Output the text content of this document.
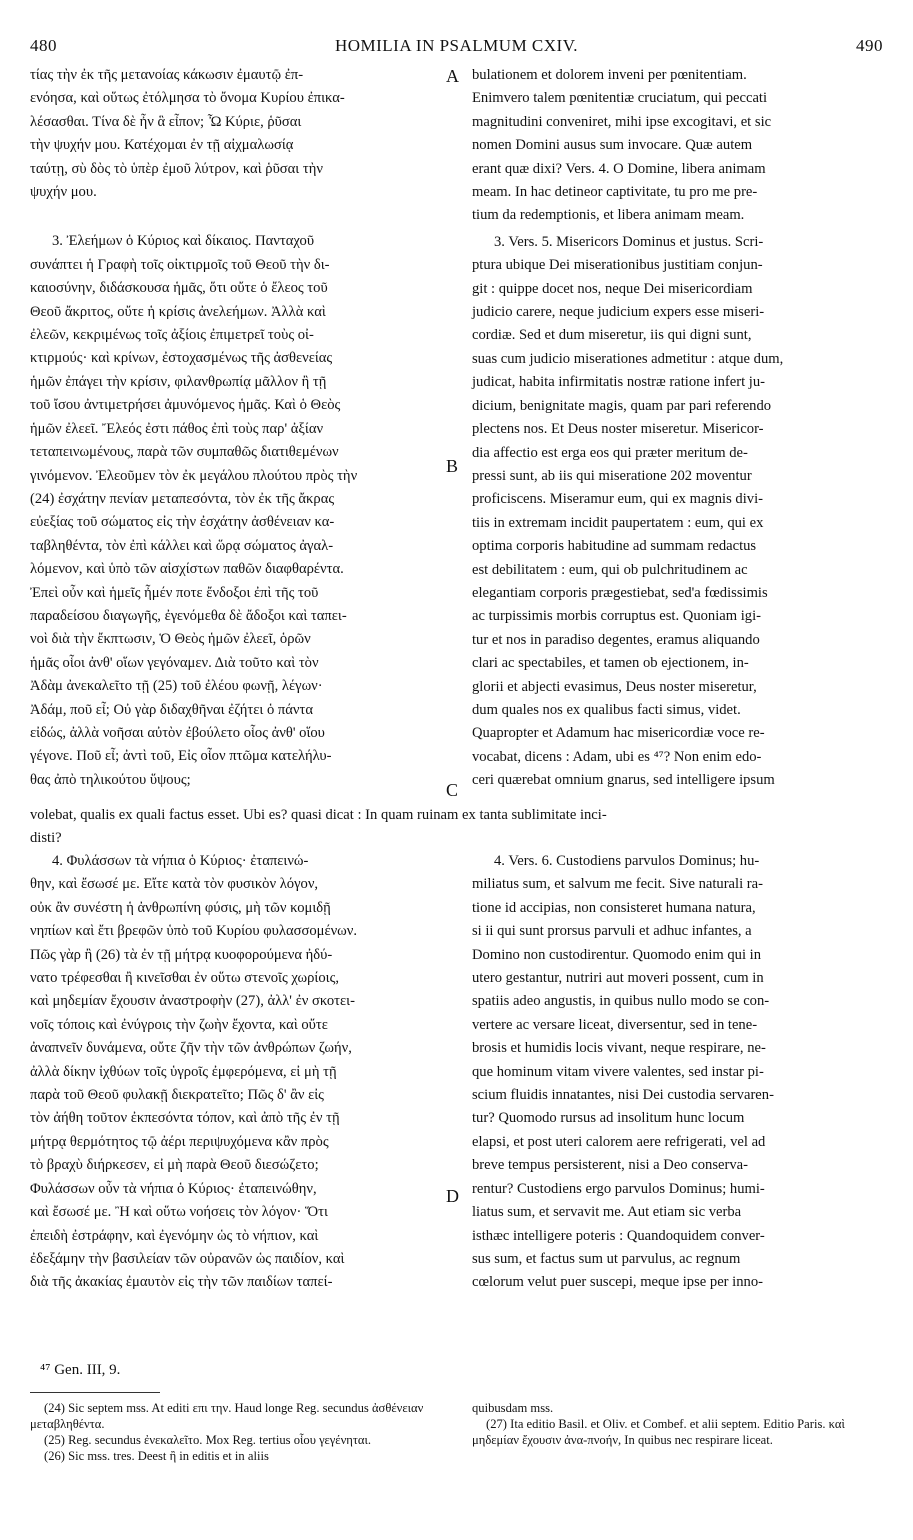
480	HOMILIA IN PSALMUM CXIV.	490

τίας τὴν ἐκ τῆς μετανοίας κάκωσιν ἐμαυτῷ ἐπ-

ενόησα, καὶ οὕτως ἐτόλμησα τὸ ὄνομα Κυρίου ἐπικα-

λέσασθαι. Τίνα δὲ ἦν ἃ εἶπον; Ὦ Κύριε, ῥῦσαι

τὴν ψυχήν μου. Κατέχομαι ἐν τῇ αἰχμαλωσίᾳ

ταύτῃ, σὺ δὸς τὸ ὑπὲρ ἐμοῦ λύτρον, καὶ ῥῦσαι τὴν

ψυχήν μου.

3. Ἐλεήμων ὁ Κύριος καὶ δίκαιος. Πανταχοῦ

συνάπτει ἡ Γραφὴ τοῖς οἰκτιρμοῖς τοῦ Θεοῦ τὴν δι-

καιοσύνην, διδάσκουσα ἡμᾶς, ὅτι οὔτε ὁ ἔλεος τοῦ

Θεοῦ ἄκριτος, οὔτε ἡ κρίσις ἀνελεήμων. Ἀλλὰ καὶ

ἐλεῶν, κεκριμένως τοῖς ἀξίοις ἐπιμετρεῖ τοὺς οἰ-

κτιρμούς· καὶ κρίνων, ἐστοχασμένως τῆς ἀσθενείας

ἡμῶν ἐπάγει τὴν κρίσιν, φιλανθρωπίᾳ μᾶλλον ἢ τῇ

τοῦ ἴσου ἀντιμετρήσει ἀμυνόμενος ἡμᾶς. Καὶ ὁ Θεὸς

ἡμῶν ἐλεεῖ. Ἔλεός ἐστι πάθος ἐπὶ τοὺς παρ' ἀξίαν

τεταπεινωμένους, παρὰ τῶν συμπαθῶς διατιθεμένων

γινόμενον. Ἐλεοῦμεν τὸν ἐκ μεγάλου πλούτου πρὸς τὴν

(24) ἐσχάτην πενίαν μεταπεσόντα, τὸν ἐκ τῆς ἄκρας

εὐεξίας τοῦ σώματος εἰς τὴν ἐσχάτην ἀσθένειαν κα-

ταβληθέντα, τὸν ἐπὶ κάλλει καὶ ὥρᾳ σώματος ἀγαλ-

λόμενον, καὶ ὑπὸ τῶν αἰσχίστων παθῶν διαφθαρέντα.

Ἐπεὶ οὖν καὶ ἡμεῖς ἦμέν ποτε ἔνδοξοι ἐπὶ τῆς τοῦ

παραδείσου διαγωγῆς, ἐγενόμεθα δὲ ἄδοξοι καὶ ταπει-

νοὶ διὰ τὴν ἔκπτωσιν, Ὁ Θεὸς ἡμῶν ἐλεεῖ, ὁρῶν

ἡμᾶς οἷοι ἀνθ' οἵων γεγόναμεν. Διὰ τοῦτο καὶ τὸν

Ἀδὰμ ἀνεκαλεῖτο τῇ (25) τοῦ ἐλέου φωνῇ, λέγων·

Ἀδάμ, ποῦ εἶ; Οὐ γὰρ διδαχθῆναι ἐζήτει ὁ πάντα

εἰδώς, ἀλλὰ νοῆσαι αὐτὸν ἐβούλετο οἷος ἀνθ' οἵου

γέγονε. Ποῦ εἶ; ἀντὶ τοῦ, Εἰς οἷον πτῶμα κατελήλυ-

θας ἀπὸ τηλικούτου ὕψους;

bulationem et dolorem inveni per pœnitentiam.

Enimvero talem pœnitentiæ cruciatum, qui peccati

magnitudini conveniret, mihi ipse excogitavi, et sic

nomen Domini ausus sum invocare. Quæ autem

erant quæ dixi? Vers. 4. O Domine, libera animam

meam. In hac detineor captivitate, tu pro me pre-

tium da redemptionis, et libera animam meam.

3. Vers. 5. Misericors Dominus et justus. Scri-

ptura ubique Dei miserationibus justitiam conjun-

git : quippe docet nos, neque Dei misericordiam

judicio carere, neque judicium expers esse miseri-

cordiæ. Sed et dum miseretur, iis qui digni sunt,

suas cum judicio miserationes admetitur : atque dum,

judicat, habita infirmitatis nostræ ratione infert ju-

dicium, benignitate magis, quam par pari referendo

plectens nos. Et Deus noster miseretur. Misericor-

dia affectio est erga eos qui præter meritum de-

pressi sunt, ab iis qui miseratione 202 moventur

proficiscens. Miseramur eum, qui ex magnis divi-

tiis in extremam incidit paupertatem : eum, qui ex

optima corporis habitudine ad summam redactus

est debilitatem : eum, qui ob pulchritudinem ac

elegantiam corporis prægestiebat, sed'a fœdissimis

ac turpissimis morbis corruptus est. Quoniam igi-

tur et nos in paradiso degentes, eramus aliquando

clari ac spectabiles, et tamen ob ejectionem, in-

glorii et abjecti evasimus, Deus noster miseretur,

dum quales nos ex qualibus facti simus, videt.

Quapropter et Adamum hac misericordiæ voce re-

vocabat, dicens : Adam, ubi es ⁴⁷? Non enim edo-

ceri quærebat omnium gnarus, sed intelligere ipsum

A
B
C
D

volebat, qualis ex quali factus esset. Ubi es? quasi dicat : In quam ruinam ex tanta sublimitate inci-

disti?

4. Φυλάσσων τὰ νήπια ὁ Κύριος· ἐταπεινώ-

θην, καὶ ἔσωσέ με. Εἴτε κατὰ τὸν φυσικὸν λόγον,

οὐκ ἂν συνέστη ἡ ἀνθρωπίνη φύσις, μὴ τῶν κομιδῇ

νηπίων καὶ ἔτι βρεφῶν ὑπὸ τοῦ Κυρίου φυλασσομένων.

Πῶς γὰρ ἢ (26) τὰ ἐν τῇ μήτρᾳ κυοφορούμενα ἠδύ-

νατο τρέφεσθαι ἢ κινεῖσθαι ἐν οὕτω στενοῖς χωρίοις,

καὶ μηδεμίαν ἔχουσιν ἀναστροφὴν (27), ἀλλ' ἐν σκοτει-

νοῖς τόποις καὶ ἐνύγροις τὴν ζωὴν ἔχοντα, καὶ οὔτε

ἀναπνεῖν δυνάμενα, οὔτε ζῆν τὴν τῶν ἀνθρώπων ζωήν,

ἀλλὰ δίκην ἰχθύων τοῖς ὑγροῖς ἐμφερόμενα, εἰ μὴ τῇ

παρὰ τοῦ Θεοῦ φυλακῇ διεκρατεῖτο; Πῶς δ' ἂν εἰς

τὸν ἀήθη τοῦτον ἐκπεσόντα τόπον, καὶ ἀπὸ τῆς ἐν τῇ

μήτρᾳ θερμότητος τῷ ἀέρι περιψυχόμενα κἂν πρὸς

τὸ βραχὺ διήρκεσεν, εἰ μὴ παρὰ Θεοῦ διεσώζετο;

Φυλάσσων οὖν τὰ νήπια ὁ Κύριος· ἐταπεινώθην,

καὶ ἔσωσέ με. Ἢ καὶ οὕτω νοήσεις τὸν λόγον· Ὅτι

ἐπειδὴ ἐστράφην, καὶ ἐγενόμην ὡς τὸ νήπιον, καὶ

ἐδεξάμην τὴν βασιλείαν τῶν οὐρανῶν ὡς παιδίον, καὶ

διὰ τῆς ἀκακίας ἐμαυτὸν εἰς τὴν τῶν παιδίων ταπεί-

4. Vers. 6. Custodiens parvulos Dominus; hu-

miliatus sum, et salvum me fecit. Sive naturali ra-

tione id accipias, non consisteret humana natura,

si ii qui sunt prorsus parvuli et adhuc infantes, a

Domino non custodirentur. Quomodo enim qui in

utero gestantur, nutriri aut moveri possent, cum in

spatiis adeo angustis, in quibus nullo modo se con-

vertere ac versare liceat, diversentur, sed in tene-

brosis et humidis locis vivant, neque respirare, ne-

que hominum vitam vivere valentes, sed instar pi-

scium fluidis innatantes, nisi Dei custodia servaren-

tur? Quomodo rursus ad insolitum hunc locum

elapsi, et post uteri calorem aere refrigerati, vel ad

breve tempus persisterent, nisi a Deo conserva-

rentur? Custodiens ergo parvulos Dominus; humi-

liatus sum, et servavit me. Aut etiam sic verba

isthæc intelligere poteris : Quandoquidem conver-

sus sum, et factus sum ut parvulus, ac regnum

cœlorum velut puer suscepi, meque ipse per inno-

⁴⁷ Gen. III, 9.

(24) Sic septem mss. At editi επι την. Haud longe Reg. secundus ἀσθένειαν μεταβληθέντα.

(25) Reg. secundus ἐνεκαλεῖτο. Mox Reg. tertius οἷου γεγένηται.

(26) Sic mss. tres. Deest ἢ in editis et in aliis

quibusdam mss.

(27) Ita editio Basil. et Oliv. et Combef. et alii septem. Editio Paris. καὶ μηδεμίαν ἔχουσιν ἀνα-πνοήν, In quibus nec respirare liceat.
